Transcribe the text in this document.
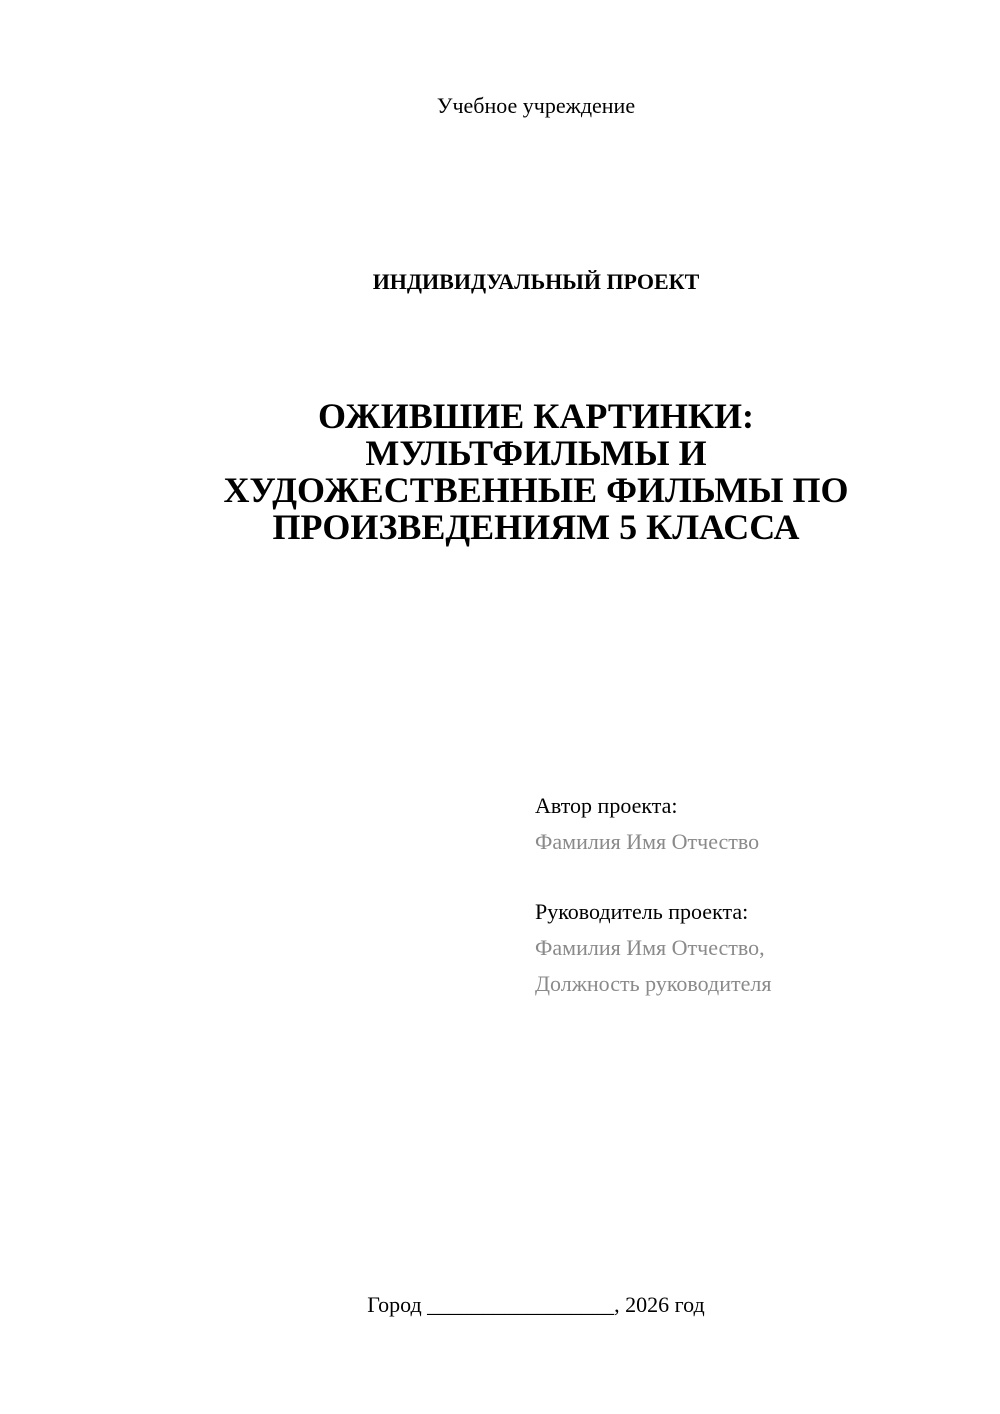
Учебное учреждение
ИНДИВИДУАЛЬНЫЙ ПРОЕКТ
ОЖИВШИЕ КАРТИНКИ:
МУЛЬТФИЛЬМЫ И
ХУДОЖЕСТВЕННЫЕ ФИЛЬМЫ ПО
ПРОИЗВЕДЕНИЯМ 5 КЛАССА
Автор проекта:
Фамилия Имя Отчество
Руководитель проекта:
Фамилия Имя Отчество,
Должность руководителя
Город _________________, 2026 год
